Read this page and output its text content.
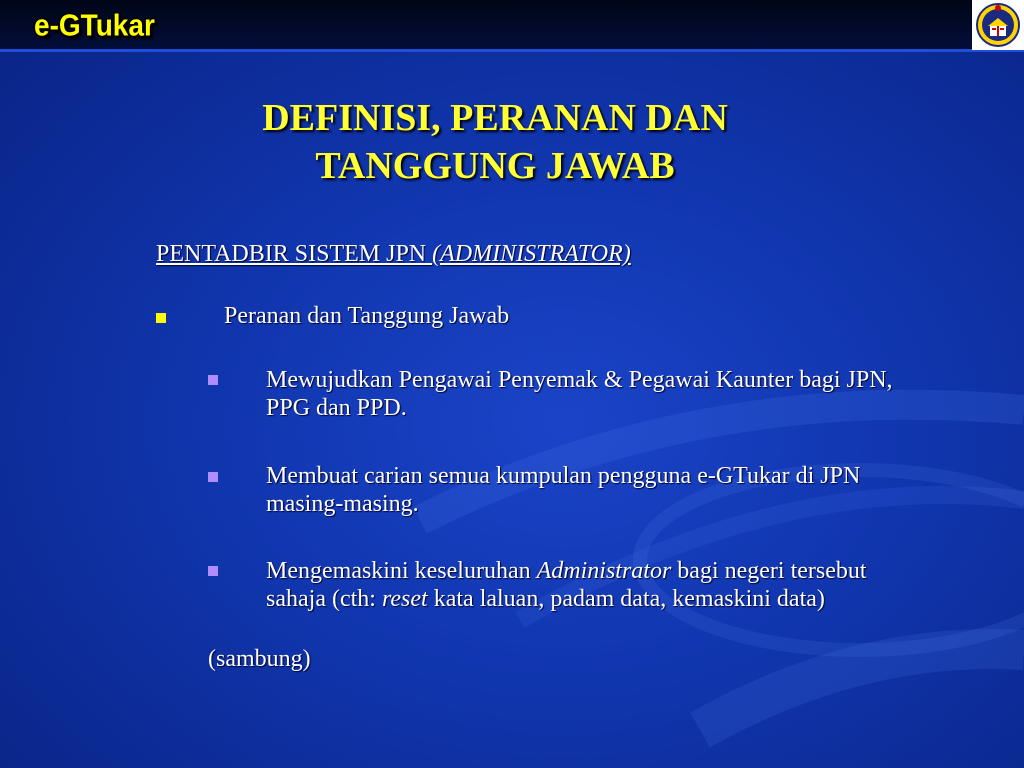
e-GTukar
DEFINISI, PERANAN DAN
TANGGUNG JAWAB
PENTADBIR SISTEM JPN (ADMINISTRATOR)
Peranan dan Tanggung Jawab
Mewujudkan Pengawai Penyemak & Pegawai Kaunter bagi JPN, PPG dan PPD.
Membuat carian semua kumpulan pengguna e-GTukar di JPN masing-masing.
Mengemaskini keseluruhan Administrator bagi negeri tersebut sahaja (cth: reset kata laluan, padam data, kemaskini data)
(sambung)
